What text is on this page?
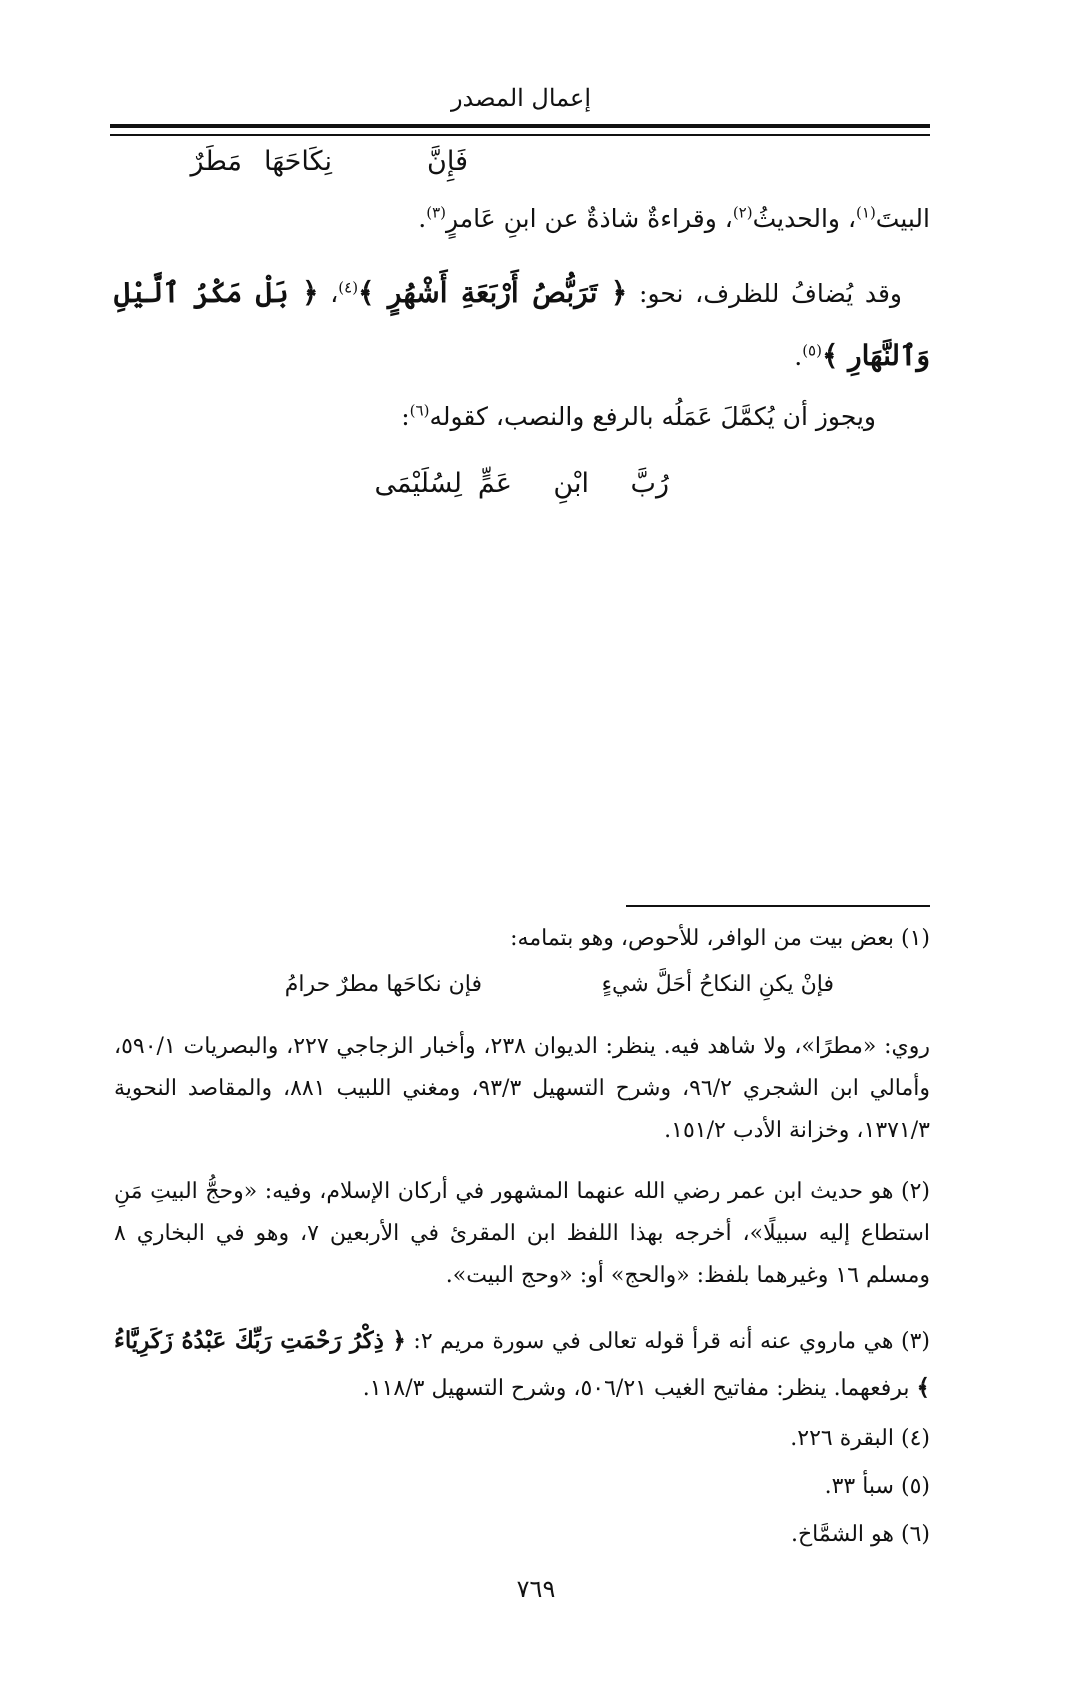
إعمال المصدر
فَإِنَّ
نِكَاحَهَا
مَطَرٌ
البيتَ$^{(١)}$، والحديثُ$^{(٢)}$، وقراءةٌ شاذةٌ عن ابنِ عَامرٍ$^{(٣)}$.
وقد يُضافُ للظرف، نحو: ﴿ تَرَبُّصُ أَرْبَعَةِ أَشْهُرٍ ﴾$^{(٤)}$، ﴿ بَلْ مَكْرُ ٱلَّيْلِ وَٱلنَّهَارِ ﴾$^{(٥)}$.
ويجوز أن يُكمَّلَ عَمَلُه بالرفع والنصب، كقوله$^{(٦)}$:
رُبَّ
ابْنِ
عَمٍّ
لِسُلَيْمَى
(١) بعض بيت من الوافر، للأحوص، وهو بتمامه:
فإنْ يكنِ النكاحُ أحَلَّ شيءٍ
فإن نكاحَها مطرٌ حرامُ
روي: «مطرًا»، ولا شاهد فيه. ينظر: الديوان ٢٣٨، وأخبار الزجاجي ٢٢٧، والبصريات ٥٩٠/١، وأمالي ابن الشجري ٩٦/٢، وشرح التسهيل ٩٣/٣، ومغني اللبيب ٨٨١، والمقاصد النحوية ١٣٧١/٣، وخزانة الأدب ١٥١/٢.
(٢) هو حديث ابن عمر رضي الله عنهما المشهور في أركان الإسلام، وفيه: «وحجُّ البيتِ مَنِ استطاع إليه سبيلًا»، أخرجه بهذا اللفظ ابن المقرئ في الأربعين ٧، وهو في البخاري ٨ ومسلم ١٦ وغيرهما بلفظ: «والحج» أو: «وحج البيت».
(٣) هي ماروي عنه أنه قرأ قوله تعالى في سورة مريم ٢: ﴿ ذِكْرُ رَحْمَتِ رَبِّكَ عَبْدُهُ زَكَرِيَّاءُ ﴾ برفعهما. ينظر: مفاتيح الغيب ٥٠٦/٢١، وشرح التسهيل ١١٨/٣.
(٤) البقرة ٢٢٦.
(٥) سبأ ٣٣.
(٦) هو الشمَّاخ.
٧٦٩
